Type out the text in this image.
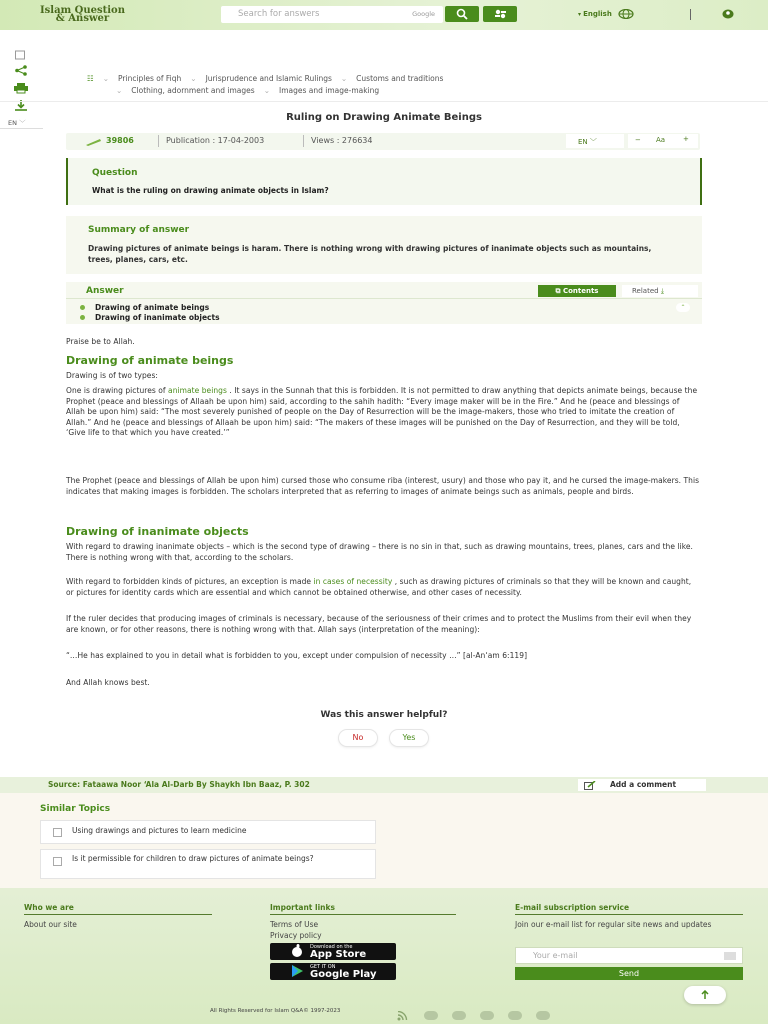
Islam Question
& Answer	Search for answers	Google	▾ English
EN ﹀
☷ ⌄ Principles of Fiqh ⌄ Jurisprudence and Islamic Rulings ⌄ Customs and traditions
⌄ Clothing, adornment and images ⌄ Images and image-making
Ruling on Drawing Animate Beings
39806	Publication : 17-04-2003	Views : 276634	EN ﹀	− Aa	+
Question
What is the ruling on drawing animate objects in Islam?
Summary of answer
Drawing pictures of animate beings is haram. There is nothing wrong with drawing pictures of inanimate objects such as mountains, trees, planes, cars, etc.
Answer	⧉ Contents	Related ⤓
Drawing of animate beings
Drawing of inanimate objects
⌃
Praise be to Allah.
Drawing of animate beings
Drawing is of two types:
One is drawing pictures of animate beings . It says in the Sunnah that this is forbidden. It is not permitted to draw anything that depicts animate beings, because the Prophet (peace and blessings of Allaah be upon him) said, according to the sahih hadith: “Every image maker will be in the Fire.” And he (peace and blessings of Allah be upon him) said: “The most severely punished of people on the Day of Resurrection will be the image-makers, those who tried to imitate the creation of Allah.” And he (peace and blessings of Allaah be upon him) said: “The makers of these images will be punished on the Day of Resurrection, and they will be told, ‘Give life to that which you have created.’”
The Prophet (peace and blessings of Allah be upon him) cursed those who consume riba (interest, usury) and those who pay it, and he cursed the image-makers. This indicates that making images is forbidden. The scholars interpreted that as referring to images of animate beings such as animals, people and birds.
Drawing of inanimate objects
With regard to drawing inanimate objects – which is the second type of drawing – there is no sin in that, such as drawing mountains, trees, planes, cars and the like. There is nothing wrong with that, according to the scholars.
With regard to forbidden kinds of pictures, an exception is made in cases of necessity , such as drawing pictures of criminals so that they will be known and caught, or pictures for identity cards which are essential and which cannot be obtained otherwise, and other cases of necessity.
If the ruler decides that producing images of criminals is necessary, because of the seriousness of their crimes and to protect the Muslims from their evil when they are known, or for other reasons, there is nothing wrong with that. Allah says (interpretation of the meaning):
“…He has explained to you in detail what is forbidden to you, except under compulsion of necessity …” [al-An‘am 6:119]
And Allah knows best.
Was this answer helpful?
No	Yes
Source: Fataawa Noor ‘Ala Al-Darb By Shaykh Ibn Baaz, P. 302	Add a comment
Similar Topics
Using drawings and pictures to learn medicine
Is it permissible for children to draw pictures of animate beings?
Who we are
About our site
Important links
Terms of Use
Privacy policy
E-mail subscription service
Join our e-mail list for regular site news and updates
Download on the
App Store
GET IT ON
Google Play
Your e-mail
Send
All Rights Reserved for Islam Q&A© 1997-2023
